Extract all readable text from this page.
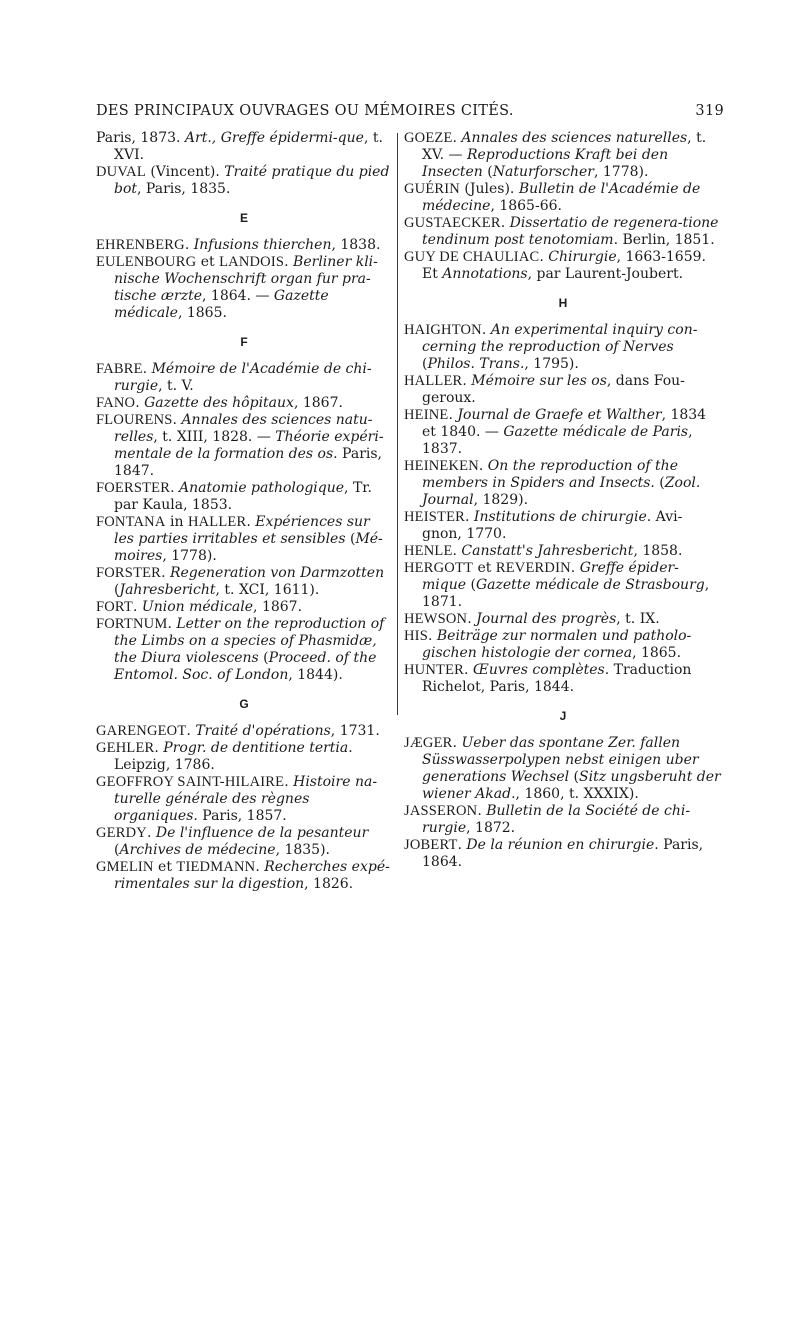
DES PRINCIPAUX OUVRAGES OU MÉMOIRES CITÉS.	319

Paris, 1873. Art., Greffe épidermi-que, t. XVI.

DUVAL (Vincent). Traité pratique du pied bot, Paris, 1835.

E

EHRENBERG. Infusions thierchen, 1838.

EULENBOURG et LANDOIS. Berliner kli-nische Wochenschrift organ fur pra-tische ærzte, 1864. — Gazette médicale, 1865.

F

FABRE. Mémoire de l'Académie de chi-rurgie, t. V.

FANO. Gazette des hôpitaux, 1867.

FLOURENS. Annales des sciences natu-relles, t. XIII, 1828. — Théorie expéri-mentale de la formation des os. Paris, 1847.

FOERSTER. Anatomie pathologique, Tr. par Kaula, 1853.

FONTANA in HALLER. Expériences sur les parties irritables et sensibles (Mé-moires, 1778).

FORSTER. Regeneration von Darmzotten (Jahresbericht, t. XCI, 1611).

FORT. Union médicale, 1867.

FORTNUM. Letter on the reproduction of the Limbs on a species of Phasmidæ, the Diura violescens (Proceed. of the Entomol. Soc. of London, 1844).

G

GARENGEOT. Traité d'opérations, 1731.

GEHLER. Progr. de dentitione tertia. Leipzig, 1786.

GEOFFROY SAINT-HILAIRE. Histoire na-turelle générale des règnes organiques. Paris, 1857.

GERDY. De l'influence de la pesanteur (Archives de médecine, 1835).

GMELIN et TIEDMANN. Recherches expé-rimentales sur la digestion, 1826.

GOEZE. Annales des sciences naturelles, t. XV. — Reproductions Kraft bei den Insecten (Naturforscher, 1778).

GUÉRIN (Jules). Bulletin de l'Académie de médecine, 1865-66.

GUSTAECKER. Dissertatio de regenera-tione tendinum post tenotomiam. Berlin, 1851.

GUY DE CHAULIAC. Chirurgie, 1663-1659. Et Annotations, par Laurent-Joubert.

H

HAIGHTON. An experimental inquiry con-cerning the reproduction of Nerves (Philos. Trans., 1795).

HALLER. Mémoire sur les os, dans Fou-geroux.

HEINE. Journal de Graefe et Walther, 1834 et 1840. — Gazette médicale de Paris, 1837.

HEINEKEN. On the reproduction of the members in Spiders and Insects. (Zool. Journal, 1829).

HEISTER. Institutions de chirurgie. Avi-gnon, 1770.

HENLE. Canstatt's Jahresbericht, 1858.

HERGOTT et REVERDIN. Greffe épider-mique (Gazette médicale de Strasbourg, 1871.

HEWSON. Journal des progrès, t. IX.

HIS. Beiträge zur normalen und patholo-gischen histologie der cornea, 1865.

HUNTER. Œuvres complètes. Traduction Richelot, Paris, 1844.

J

JÆGER. Ueber das spontane Zer. fallen Süsswasserpolypen nebst einigen uber generations Wechsel (Sitz ungsberuht der wiener Akad., 1860, t. XXXIX).

JASSERON. Bulletin de la Société de chi-rurgie, 1872.

JOBERT. De la réunion en chirurgie. Paris, 1864.
